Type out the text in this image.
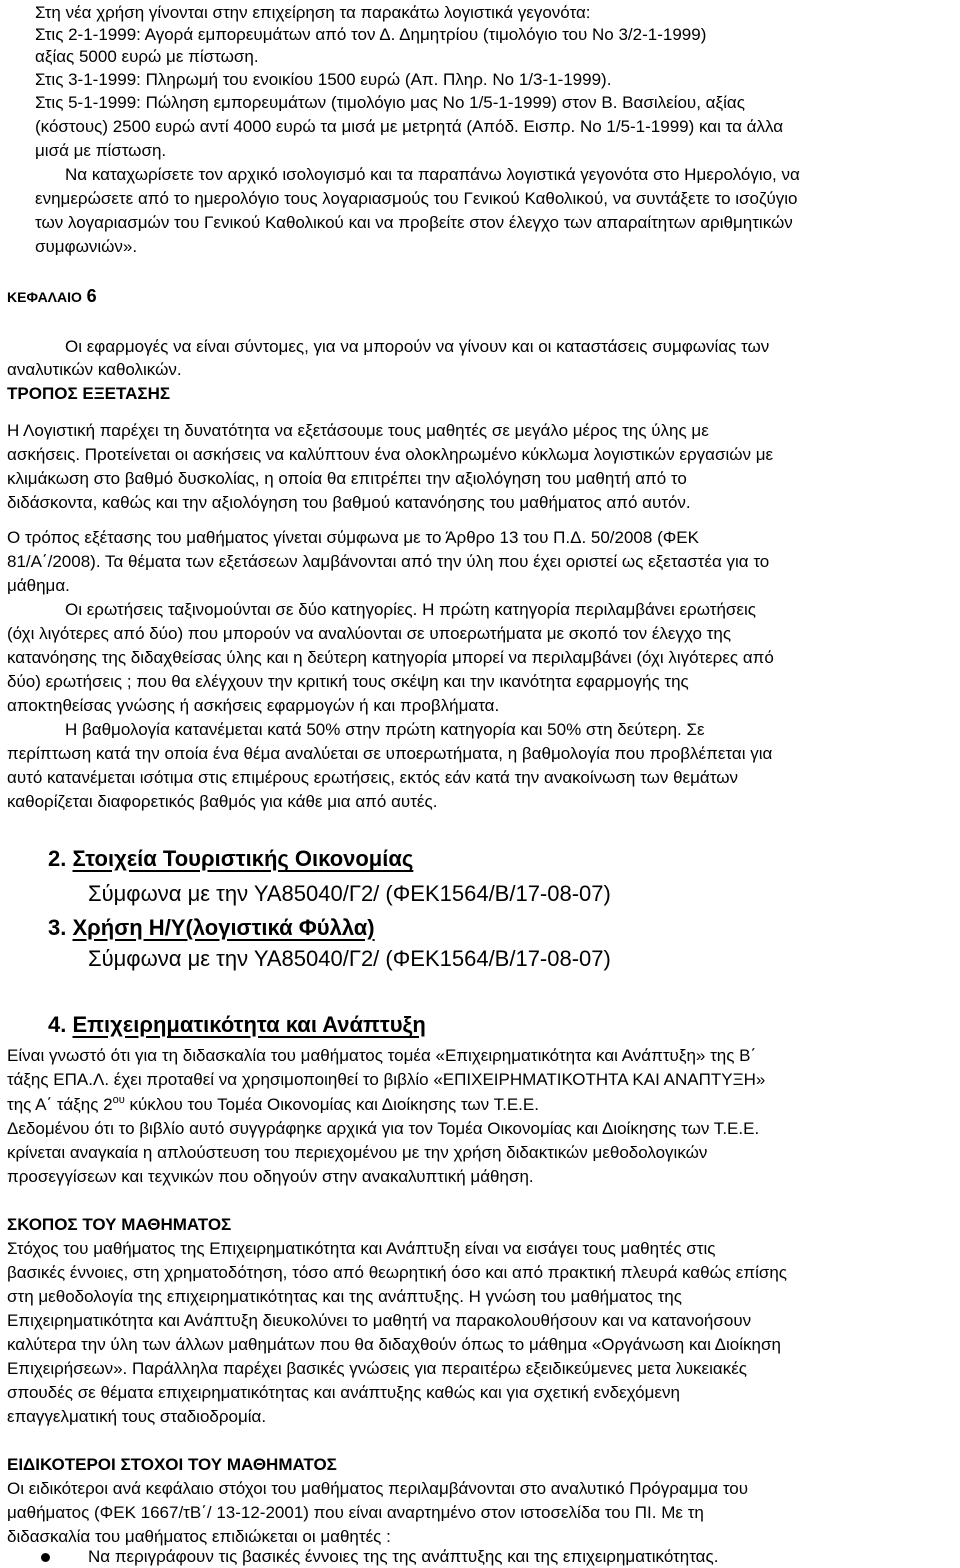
Στη νέα χρήση γίνονται στην επιχείρηση τα παρακάτω λογιστικά γεγονότα:

Στις 2-1-1999: Αγορά εμπορευμάτων από τον Δ. Δημητρίου (τιμολόγιο του Νο 3/2-1-1999)

αξίας 5000 ευρώ με πίστωση.

Στις 3-1-1999: Πληρωμή του ενοικίου 1500 ευρώ (Απ. Πληρ. Νο 1/3-1-1999).

Στις 5-1-1999: Πώληση εμπορευμάτων (τιμολόγιο μας Νο 1/5-1-1999) στον Β. Βασιλείου, αξίας

(κόστους) 2500 ευρώ αντί 4000 ευρώ τα μισά με μετρητά (Απόδ. Εισπρ. Νο 1/5-1-1999) και τα άλλα

μισά με πίστωση.

Να καταχωρίσετε τον αρχικό ισολογισμό και τα παραπάνω λογιστικά γεγονότα στο Ημερολόγιο, να

ενημερώσετε από το ημερολόγιο τους λογαριασμούς του Γενικού Καθολικού, να συντάξετε το ισοζύγιο

των λογαριασμών του Γενικού Καθολικού και να προβείτε στον έλεγχο των απαραίτητων αριθμητικών

συμφωνιών».

ΚΕΦΑΛΑΙΟ 6

Οι εφαρμογές να είναι σύντομες, για να μπορούν να γίνουν και οι καταστάσεις συμφωνίας των

αναλυτικών καθολικών.

ΤΡΟΠΟΣ ΕΞΕΤΑΣΗΣ

Η Λογιστική παρέχει τη δυνατότητα να εξετάσουμε τους μαθητές σε μεγάλο μέρος της ύλης με

ασκήσεις. Προτείνεται οι ασκήσεις να καλύπτουν ένα ολοκληρωμένο κύκλωμα λογιστικών εργασιών με

κλιμάκωση στο βαθμό δυσκολίας, η οποία θα επιτρέπει την αξιολόγηση του μαθητή από το

διδάσκοντα, καθώς και την αξιολόγηση του βαθμού κατανόησης του μαθήματος από αυτόν.

Ο τρόπος εξέτασης του μαθήματος γίνεται σύμφωνα με το Άρθρο 13 του Π.Δ. 50/2008 (ΦΕΚ

81/Α΄/2008). Τα θέματα των εξετάσεων λαμβάνονται από την ύλη που έχει οριστεί ως εξεταστέα για το

μάθημα.

Οι ερωτήσεις ταξινομούνται σε δύο κατηγορίες. Η πρώτη κατηγορία περιλαμβάνει ερωτήσεις

(όχι λιγότερες από δύο) που μπορούν να αναλύονται σε υποερωτήματα με σκοπό τον έλεγχο της

κατανόησης της διδαχθείσας ύλης και η δεύτερη κατηγορία μπορεί να περιλαμβάνει (όχι λιγότερες από

δύο) ερωτήσεις ; που θα ελέγχουν την κριτική τους σκέψη και την ικανότητα εφαρμογής της

αποκτηθείσας γνώσης ή ασκήσεις εφαρμογών ή και προβλήματα.

Η βαθμολογία κατανέμεται κατά 50% στην πρώτη κατηγορία και 50% στη δεύτερη. Σε

περίπτωση κατά την οποία ένα θέμα αναλύεται σε υποερωτήματα, η βαθμολογία που προβλέπεται για

αυτό κατανέμεται ισότιμα στις επιμέρους ερωτήσεις, εκτός εάν κατά την ανακοίνωση των θεμάτων

καθορίζεται διαφορετικός βαθμός για κάθε μια από αυτές.

2. Στοιχεία Τουριστικής Οικονομίας

Σύμφωνα με την ΥΑ85040/Γ2/ (ΦΕΚ1564/Β/17-08-07)

3. Χρήση Η/Υ(λογιστικά Φύλλα)

Σύμφωνα με την ΥΑ85040/Γ2/ (ΦΕΚ1564/Β/17-08-07)

4. Επιχειρηματικότητα και Ανάπτυξη

Είναι γνωστό ότι για τη διδασκαλία του μαθήματος τομέα «Επιχειρηματικότητα και Ανάπτυξη» της Β΄

τάξης ΕΠΑ.Λ. έχει προταθεί να χρησιμοποιηθεί το βιβλίο «ΕΠΙΧΕΙΡΗΜΑΤΙΚΟΤΗΤΑ ΚΑΙ ΑΝΑΠΤΥΞΗ»

της Α΄ τάξης $2^{o\upsilon}$ κύκλου του Τομέα Οικονομίας και Διοίκησης των Τ.Ε.Ε.

Δεδομένου ότι το βιβλίο αυτό συγγράφηκε αρχικά για τον Τομέα Οικονομίας και Διοίκησης των Τ.Ε.Ε.

κρίνεται αναγκαία η απλούστευση του περιεχομένου με την χρήση διδακτικών μεθοδολογικών

προσεγγίσεων και τεχνικών που οδηγούν στην ανακαλυπτική μάθηση.

ΣΚΟΠΟΣ ΤΟΥ ΜΑΘΗΜΑΤΟΣ

Στόχος του μαθήματος της Επιχειρηματικότητα και Ανάπτυξη είναι να εισάγει τους μαθητές στις

βασικές έννοιες, στη χρηματοδότηση, τόσο από θεωρητική όσο και από πρακτική πλευρά καθώς επίσης

στη μεθοδολογία της επιχειρηματικότητας και της ανάπτυξης. Η γνώση του μαθήματος της

Επιχειρηματικότητα και Ανάπτυξη διευκολύνει το μαθητή να παρακολουθήσουν και να κατανοήσουν

καλύτερα την ύλη των άλλων μαθημάτων που θα διδαχθούν όπως το μάθημα «Οργάνωση και Διοίκηση

Επιχειρήσεων». Παράλληλα παρέχει βασικές γνώσεις για περαιτέρω εξειδικεύμενες μετα λυκειακές

σπουδές σε θέματα επιχειρηματικότητας και ανάπτυξης καθώς και για σχετική ενδεχόμενη

επαγγελματική τους σταδιοδρομία.

ΕΙΔΙΚΟΤΕΡΟΙ ΣΤΟΧΟΙ ΤΟΥ ΜΑΘΗΜΑΤΟΣ

Οι ειδικότεροι ανά κεφάλαιο στόχοι του μαθήματος περιλαμβάνονται στο αναλυτικό Πρόγραμμα του

μαθήματος (ΦΕΚ 1667/τΒ΄/ 13-12-2001) που είναι αναρτημένο στον ιστοσελίδα του ΠΙ. Με τη

διδασκαλία του μαθήματος επιδιώκεται οι μαθητές :

Να περιγράφουν τις βασικές έννοιες της της ανάπτυξης και της επιχειρηματικότητας.
